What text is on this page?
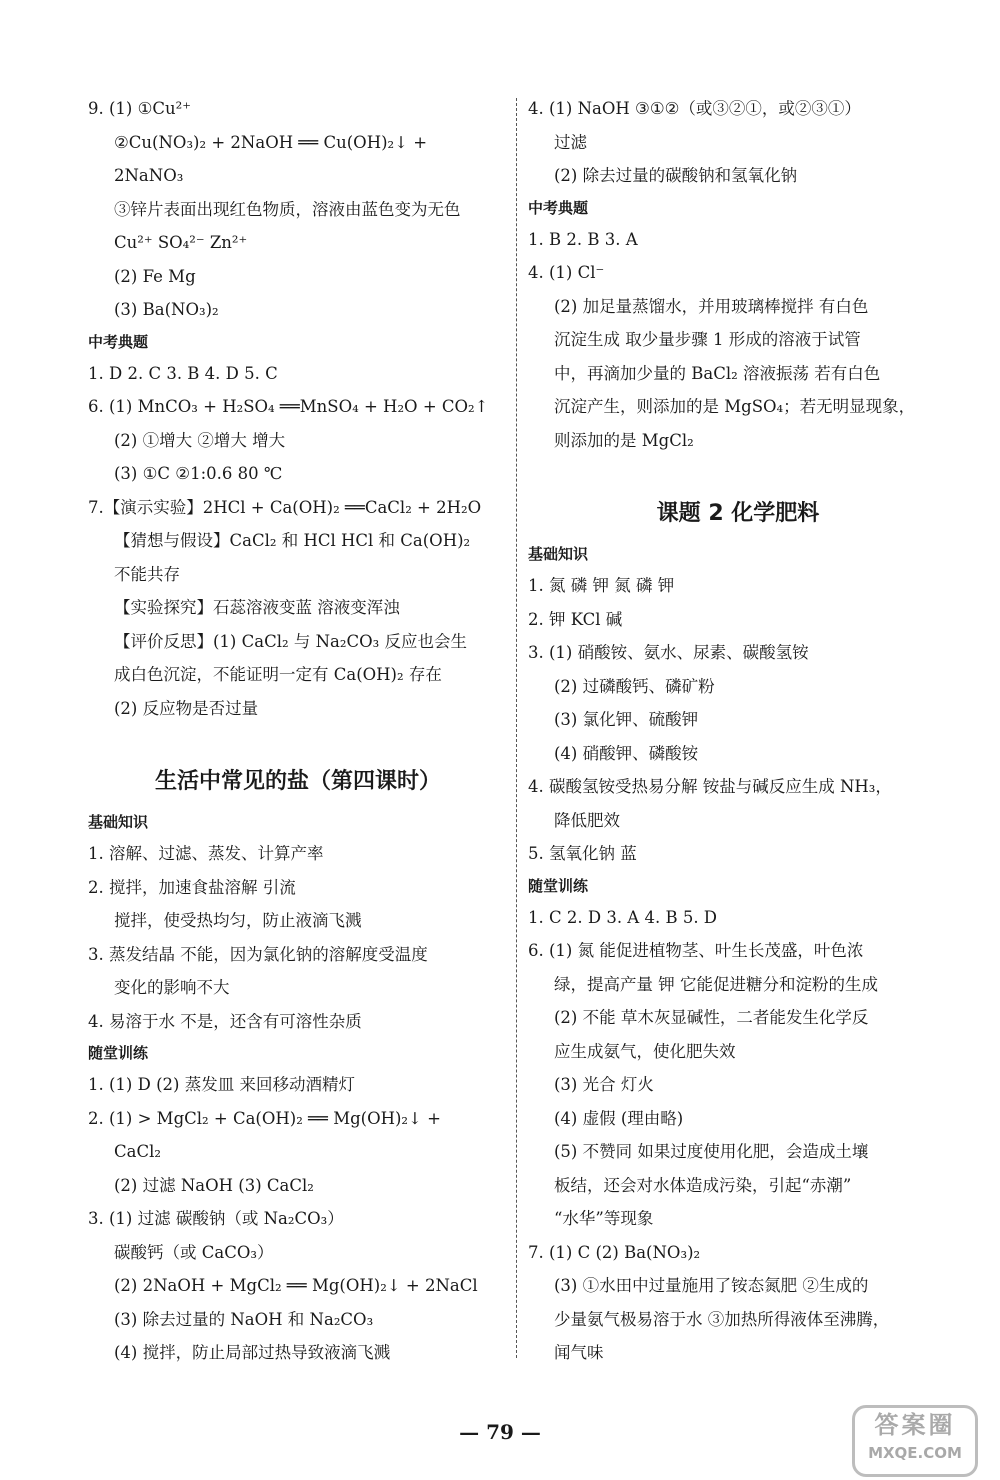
9. (1) ①Cu²⁺
②Cu(NO₃)₂ + 2NaOH ══ Cu(OH)₂↓ +
2NaNO₃
③锌片表面出现红色物质，溶液由蓝色变为无色
Cu²⁺ SO₄²⁻ Zn²⁺
(2) Fe Mg
(3) Ba(NO₃)₂
中考典题
1. D 2. C 3. B 4. D 5. C
6. (1) MnCO₃ + H₂SO₄ ══MnSO₄ + H₂O + CO₂↑
(2) ①增大 ②增大 增大
(3) ①C ②1:0.6 80 ℃
7.【演示实验】2HCl + Ca(OH)₂ ══CaCl₂ + 2H₂O
【猜想与假设】CaCl₂ 和 HCl HCl 和 Ca(OH)₂
不能共存
【实验探究】石蕊溶液变蓝 溶液变浑浊
【评价反思】(1) CaCl₂ 与 Na₂CO₃ 反应也会生
成白色沉淀，不能证明一定有 Ca(OH)₂ 存在
(2) 反应物是否过量
生活中常见的盐（第四课时）
基础知识
1. 溶解、过滤、蒸发、计算产率
2. 搅拌，加速食盐溶解 引流
搅拌，使受热均匀，防止液滴飞溅
3. 蒸发结晶 不能，因为氯化钠的溶解度受温度
变化的影响不大
4. 易溶于水 不是，还含有可溶性杂质
随堂训练
1. (1) D (2) 蒸发皿 来回移动酒精灯
2. (1) > MgCl₂ + Ca(OH)₂ ══ Mg(OH)₂↓ +
CaCl₂
(2) 过滤 NaOH (3) CaCl₂
3. (1) 过滤 碳酸钠（或 Na₂CO₃）
碳酸钙（或 CaCO₃）
(2) 2NaOH + MgCl₂ ══ Mg(OH)₂↓ + 2NaCl
(3) 除去过量的 NaOH 和 Na₂CO₃
(4) 搅拌，防止局部过热导致液滴飞溅
4. (1) NaOH ③①②（或③②①，或②③①）
过滤
(2) 除去过量的碳酸钠和氢氧化钠
中考典题
1. B 2. B 3. A
4. (1) Cl⁻
(2) 加足量蒸馏水，并用玻璃棒搅拌 有白色
沉淀生成 取少量步骤 1 形成的溶液于试管
中，再滴加少量的 BaCl₂ 溶液振荡 若有白色
沉淀产生，则添加的是 MgSO₄；若无明显现象，
则添加的是 MgCl₂
课题 2 化学肥料
基础知识
1. 氮 磷 钾 氮 磷 钾
2. 钾 KCl 碱
3. (1) 硝酸铵、氨水、尿素、碳酸氢铵
(2) 过磷酸钙、磷矿粉
(3) 氯化钾、硫酸钾
(4) 硝酸钾、磷酸铵
4. 碳酸氢铵受热易分解 铵盐与碱反应生成 NH₃，
降低肥效
5. 氢氧化钠 蓝
随堂训练
1. C 2. D 3. A 4. B 5. D
6. (1) 氮 能促进植物茎、叶生长茂盛，叶色浓
绿，提高产量 钾 它能促进糖分和淀粉的生成
(2) 不能 草木灰显碱性，二者能发生化学反
应生成氨气，使化肥失效
(3) 光合 灯火
(4) 虚假 (理由略)
(5) 不赞同 如果过度使用化肥，会造成土壤
板结，还会对水体造成污染，引起“赤潮”
“水华”等现象
7. (1) C (2) Ba(NO₃)₂
(3) ①水田中过量施用了铵态氮肥 ②生成的
少量氨气极易溶于水 ③加热所得液体至沸腾，
闻气味
— 79 —	答案圈
MXQE.COM
